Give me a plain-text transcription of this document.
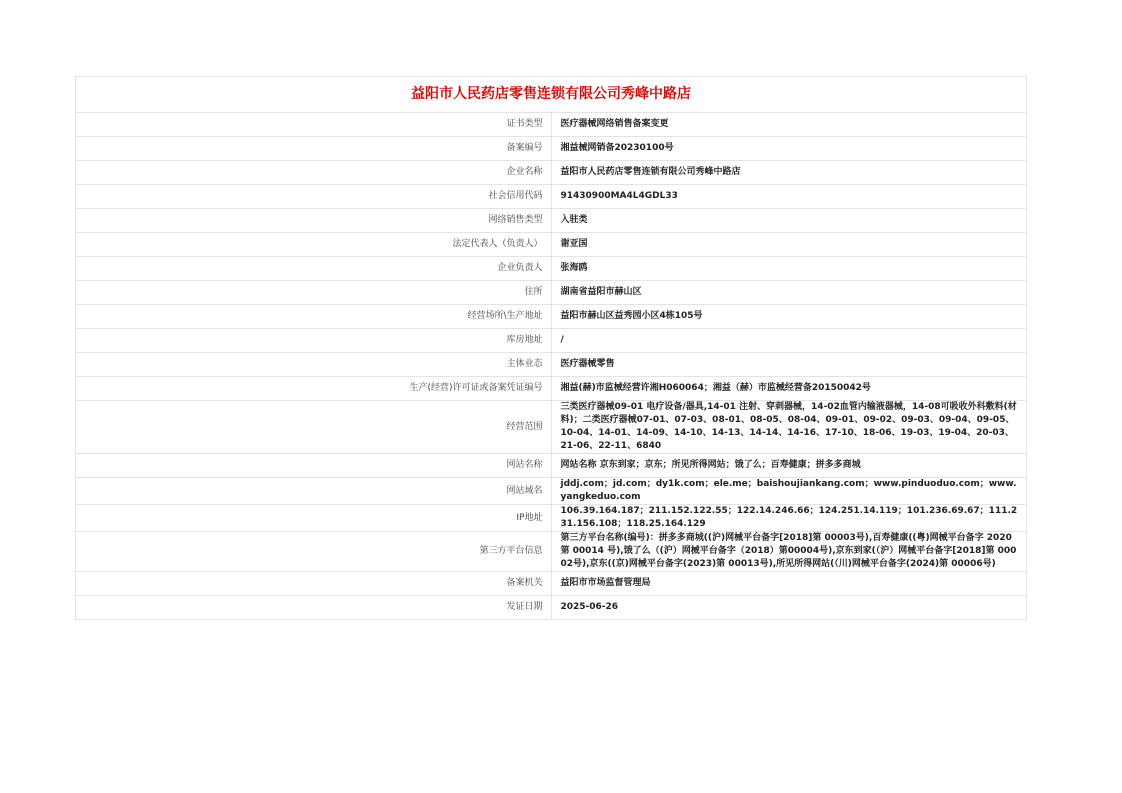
益阳市人民药店零售连锁有限公司秀峰中路店	
证书类型	医疗器械网络销售备案变更
备案编号	湘益械网销备20230100号
企业名称	益阳市人民药店零售连锁有限公司秀峰中路店
社会信用代码	91430900MA4L4GDL33
网络销售类型	入驻类
法定代表人（负责人）	谢亚国
企业负责人	张海鸥
住所	湖南省益阳市赫山区
经营场所\生产地址	益阳市赫山区益秀园小区4栋105号
库房地址	/
主体业态	医疗器械零售
生产(经营)许可证或备案凭证编号	湘益(赫)市监械经营许湘H060064；湘益（赫）市监械经营备20150042号
经营范围	三类医疗器械09-01 电疗设备/器具,14-01 注射、穿刺器械，14-02血管内输液器械，14-08可吸收外科敷料(材料)；二类医疗器械07-01、07-03、08-01、08-05、08-04、09-01、09-02、09-03、09-04、09-05、10-04、14-01、14-09、14-10、14-13、14-14、14-16、17-10、18-06、19-03、19-04、20-03、21-06、22-11、6840
网站名称	网站名称 京东到家；京东；所见所得网站；饿了么；百寿健康；拼多多商城
网站域名	jddj.com；jd.com；dy1k.com；ele.me；baishoujiankang.com；www.pinduoduo.com；www.yangkeduo.com
IP地址	106.39.164.187；211.152.122.55；122.14.246.66；124.251.14.119；101.236.69.67；111.231.156.108；118.25.164.129
第三方平台信息	第三方平台名称(编号)：拼多多商城((沪)网械平台备字[2018]第 00003号),百寿健康((粤)网械平台备字 2020 第 00014 号),饿了么（(沪）网械平台备字（2018）第00004号),京东到家(（沪）网械平台备字[2018]第 00002号),京东((京)网械平台备字(2023)第 00013号),所见所得网站(（川)网械平台备字(2024)第 00006号)
备案机关	益阳市市场监督管理局
发证日期	2025-06-26
